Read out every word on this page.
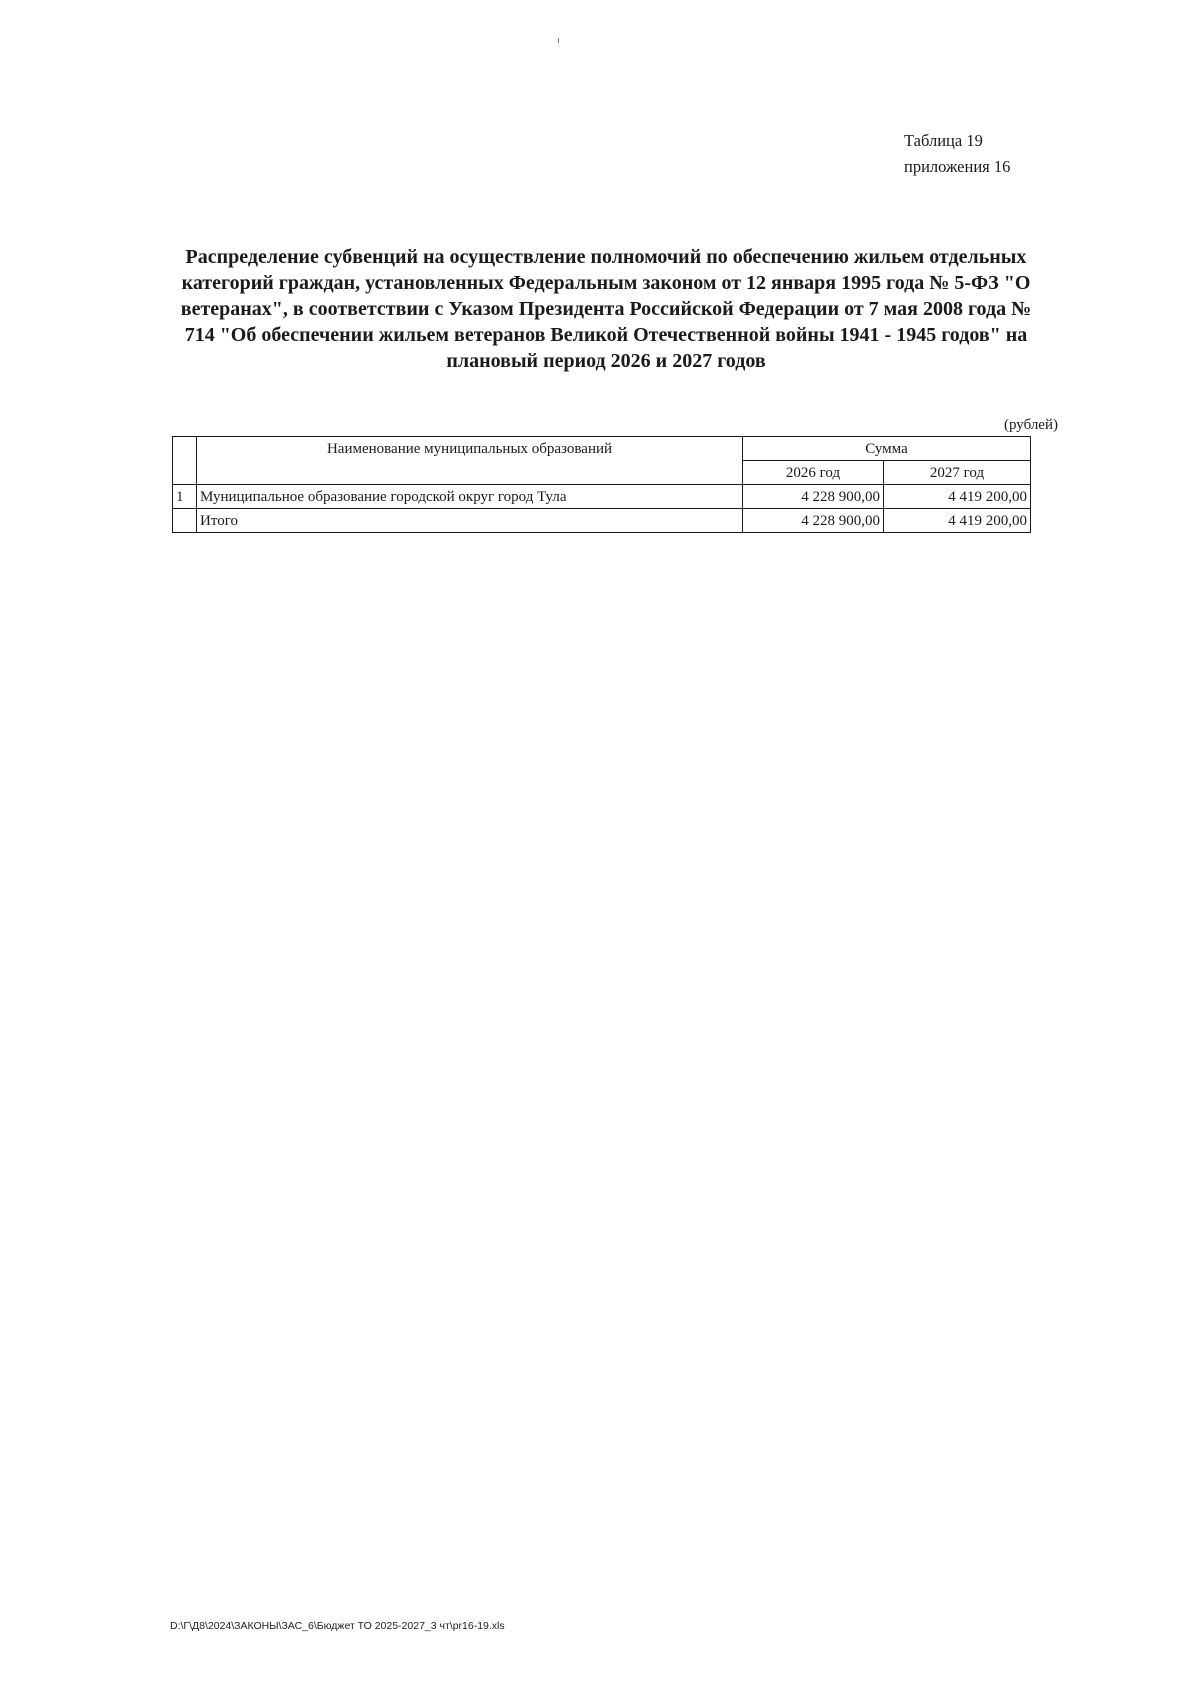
Таблица 19
приложения 16
Распределение субвенций на осуществление полномочий по обеспечению жильем отдельных
категорий граждан, установленных Федеральным законом от 12 января 1995 года № 5-ФЗ "О
ветеранах", в соответствии с Указом Президента Российской Федерации от 7 мая 2008 года №
714 "Об обеспечении жильем ветеранов Великой Отечественной войны 1941 - 1945 годов" на
плановый период 2026 и 2027 годов
(рублей)
	Наименование муниципальных образований	Сумма	
		2026 год	2027 год
1	Муниципальное образование городской округ город Тула	4 228 900,00	4 419 200,00
	Итого	4 228 900,00	4 419 200,00
D:\Г\Д8\2024\ЗАКОНЫ\ЗАС_6\Бюджет ТО 2025-2027_3 чт\pr16-19.xls
